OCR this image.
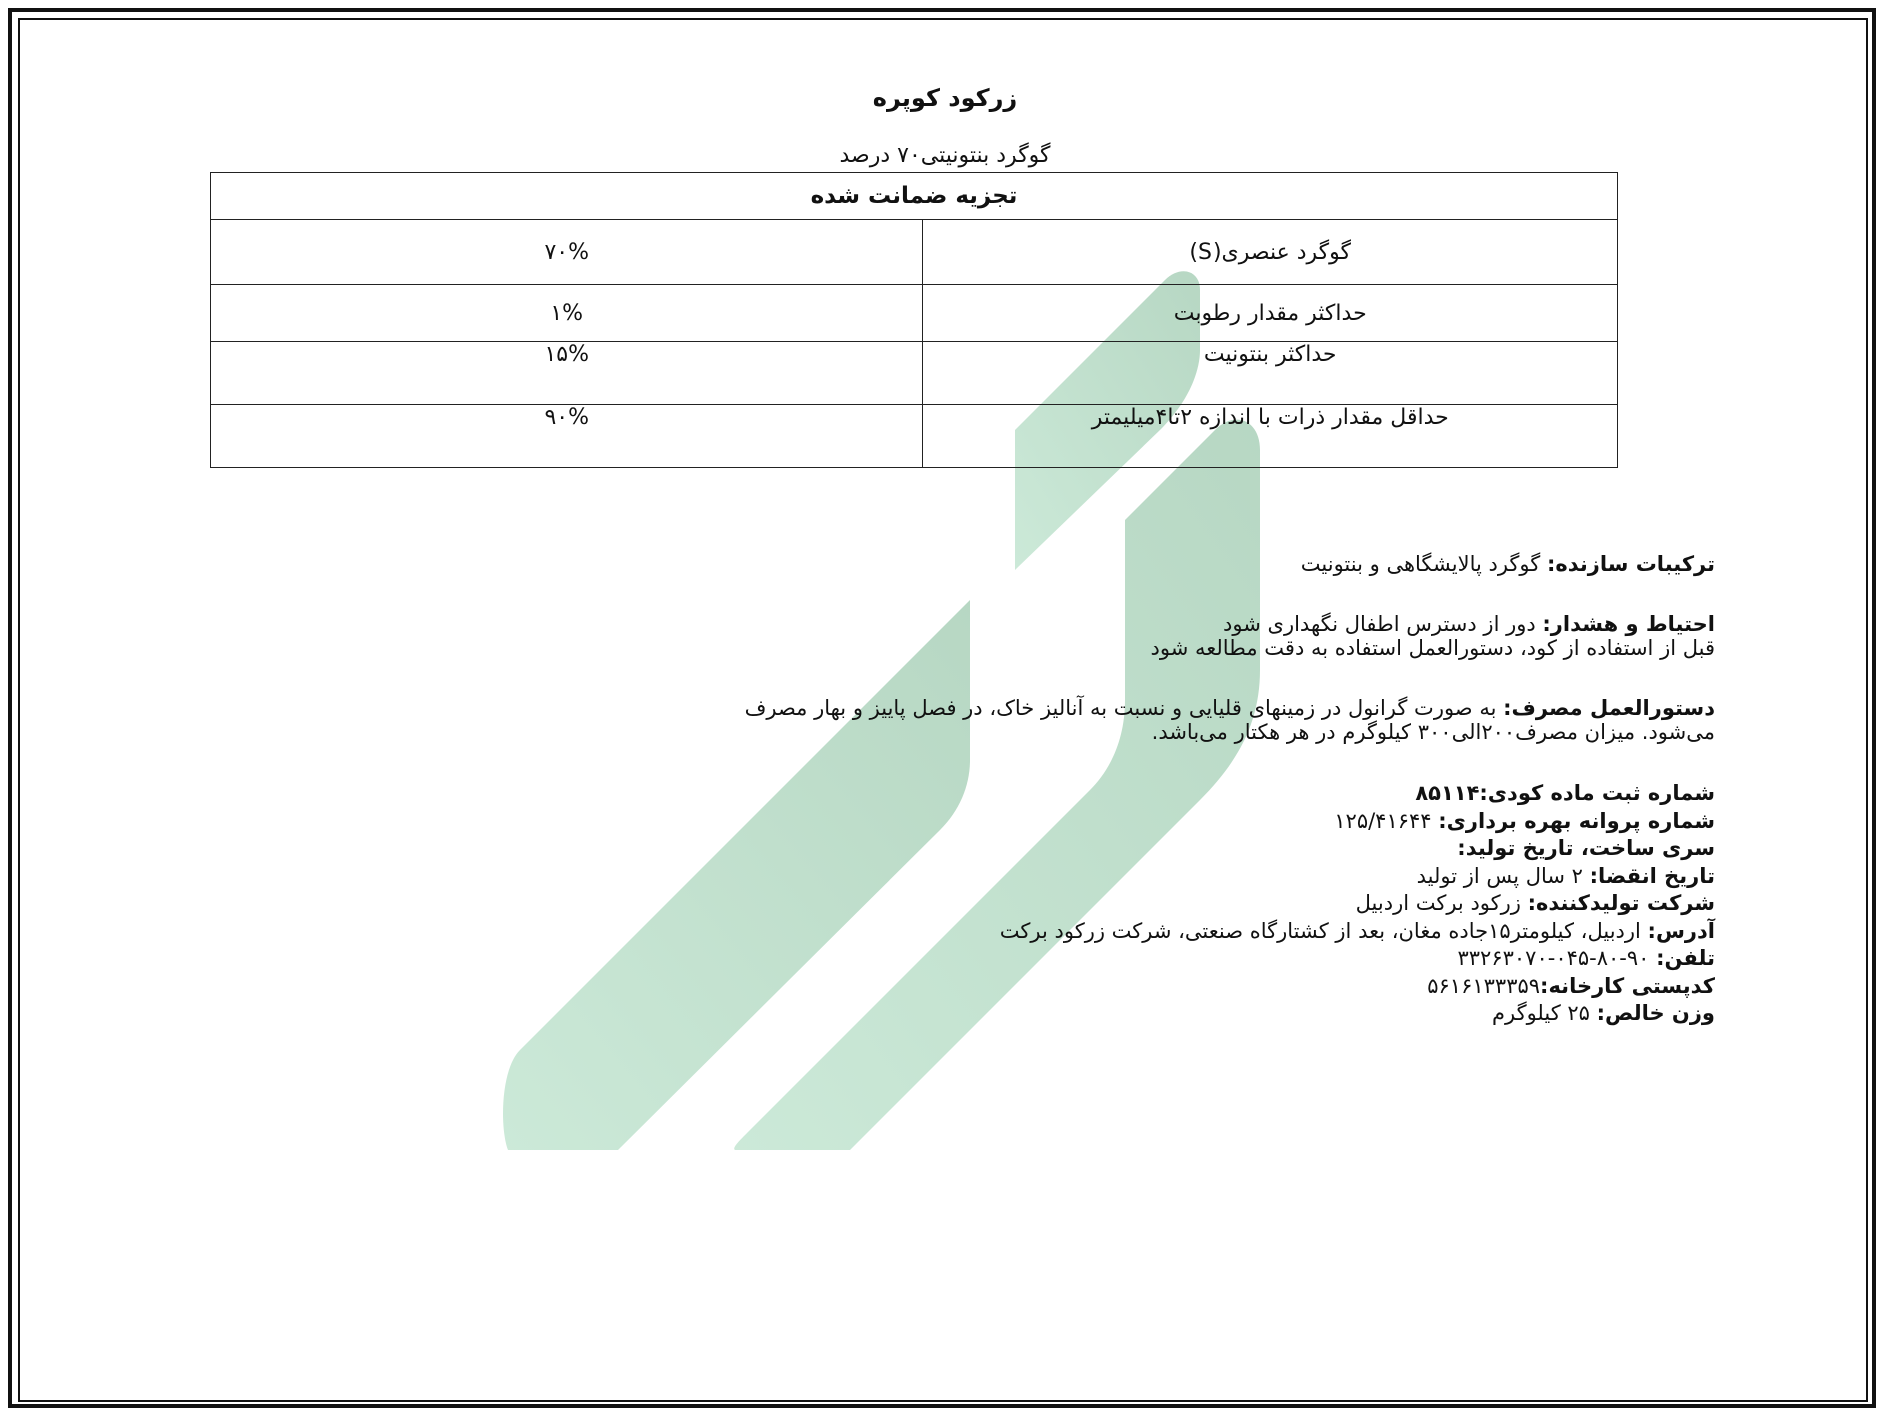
زرکود کوپره

گوگرد بنتونیتی۷۰ درصد

تجزیه ضمانت شده	
گوگرد عنصری(S)	۷۰%
حداکثر مقدار رطوبت	۱%
حداکثر بنتونیت	۱۵%
حداقل مقدار ذرات با اندازه ۲تا۴میلیمتر	۹۰%

ترکیبات سازنده: گوگرد پالایشگاهی و بنتونیت

احتیاط و هشدار: دور از دسترس اطفال نگهداری شود

قبل از استفاده از کود، دستورالعمل استفاده به دقت مطالعه شود

دستورالعمل مصرف: به صورت گرانول در زمینهای قلیایی و نسبت به آنالیز خاک، در فصل پاییز و بهار مصرف

می‌شود. میزان مصرف۲۰۰الی۳۰۰ کیلوگرم در هر هکتار می‌باشد.

شماره ثبت ماده کودی:۸۵۱۱۴

شماره پروانه بهره برداری: ۱۲۵/۴۱۶۴۴

سری ساخت، تاریخ تولید:

تاریخ انقضا: ۲ سال پس از تولید

شرکت تولیدکننده: زرکود برکت اردبیل

آدرس: اردبیل، کیلومتر۱۵جاده مغان، بعد از کشتارگاه صنعتی، شرکت زرکود برکت

تلفن: ۹۰-۸۰-۰۴۵-۳۳۲۶۳۰۷۰

کدپستی کارخانه:۵۶۱۶۱۳۳۳۵۹

وزن خالص: ۲۵ کیلوگرم
